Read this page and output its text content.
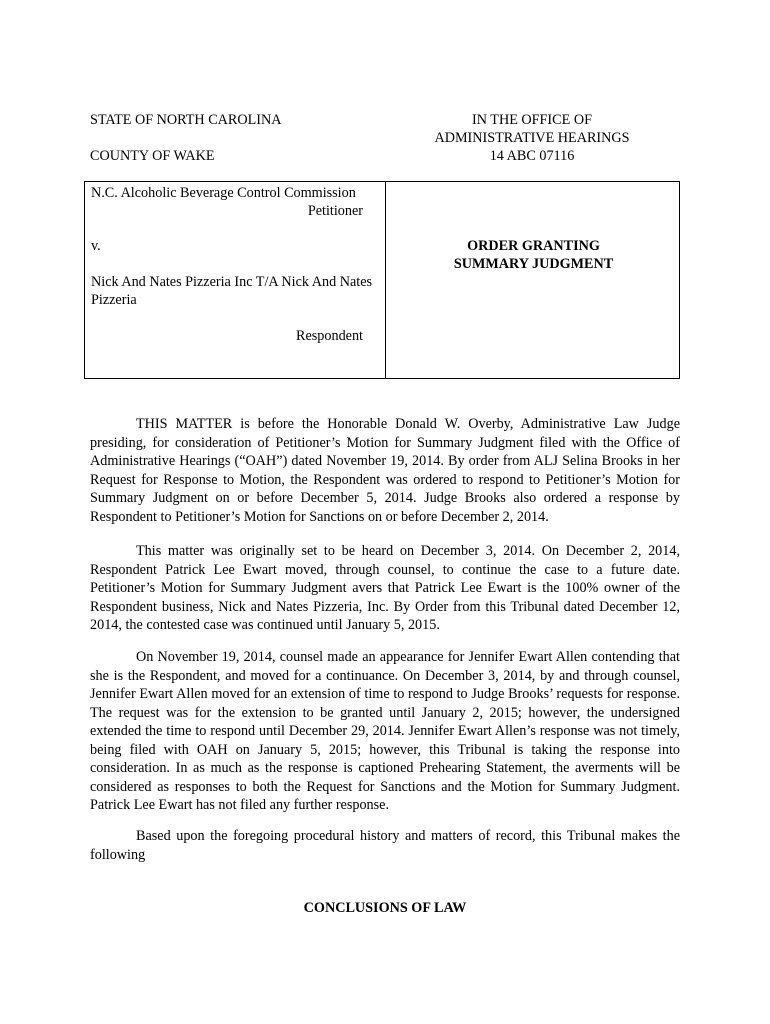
STATE OF NORTH CAROLINA
COUNTY OF WAKE
IN THE OFFICE OF
ADMINISTRATIVE HEARINGS
14 ABC 07116
N.C. Alcoholic Beverage Control Commission
Petitioner
v.
Nick And Nates Pizzeria Inc T/A Nick And Nates Pizzeria
Respondent
ORDER GRANTING
SUMMARY JUDGMENT
THIS MATTER is before the Honorable Donald W. Overby, Administrative Law Judge presiding, for consideration of Petitioner’s Motion for Summary Judgment filed with the Office of Administrative Hearings (“OAH”) dated November 19, 2014. By order from ALJ Selina Brooks in her Request for Response to Motion, the Respondent was ordered to respond to Petitioner’s Motion for Summary Judgment on or before December 5, 2014. Judge Brooks also ordered a response by Respondent to Petitioner’s Motion for Sanctions on or before December 2, 2014.
This matter was originally set to be heard on December 3, 2014. On December 2, 2014, Respondent Patrick Lee Ewart moved, through counsel, to continue the case to a future date. Petitioner’s Motion for Summary Judgment avers that Patrick Lee Ewart is the 100% owner of the Respondent business, Nick and Nates Pizzeria, Inc. By Order from this Tribunal dated December 12, 2014, the contested case was continued until January 5, 2015.
On November 19, 2014, counsel made an appearance for Jennifer Ewart Allen contending that she is the Respondent, and moved for a continuance. On December 3, 2014, by and through counsel, Jennifer Ewart Allen moved for an extension of time to respond to Judge Brooks’ requests for response. The request was for the extension to be granted until January 2, 2015; however, the undersigned extended the time to respond until December 29, 2014. Jennifer Ewart Allen’s response was not timely, being filed with OAH on January 5, 2015; however, this Tribunal is taking the response into consideration. In as much as the response is captioned Prehearing Statement, the averments will be considered as responses to both the Request for Sanctions and the Motion for Summary Judgment. Patrick Lee Ewart has not filed any further response.
Based upon the foregoing procedural history and matters of record, this Tribunal makes the following
CONCLUSIONS OF LAW
